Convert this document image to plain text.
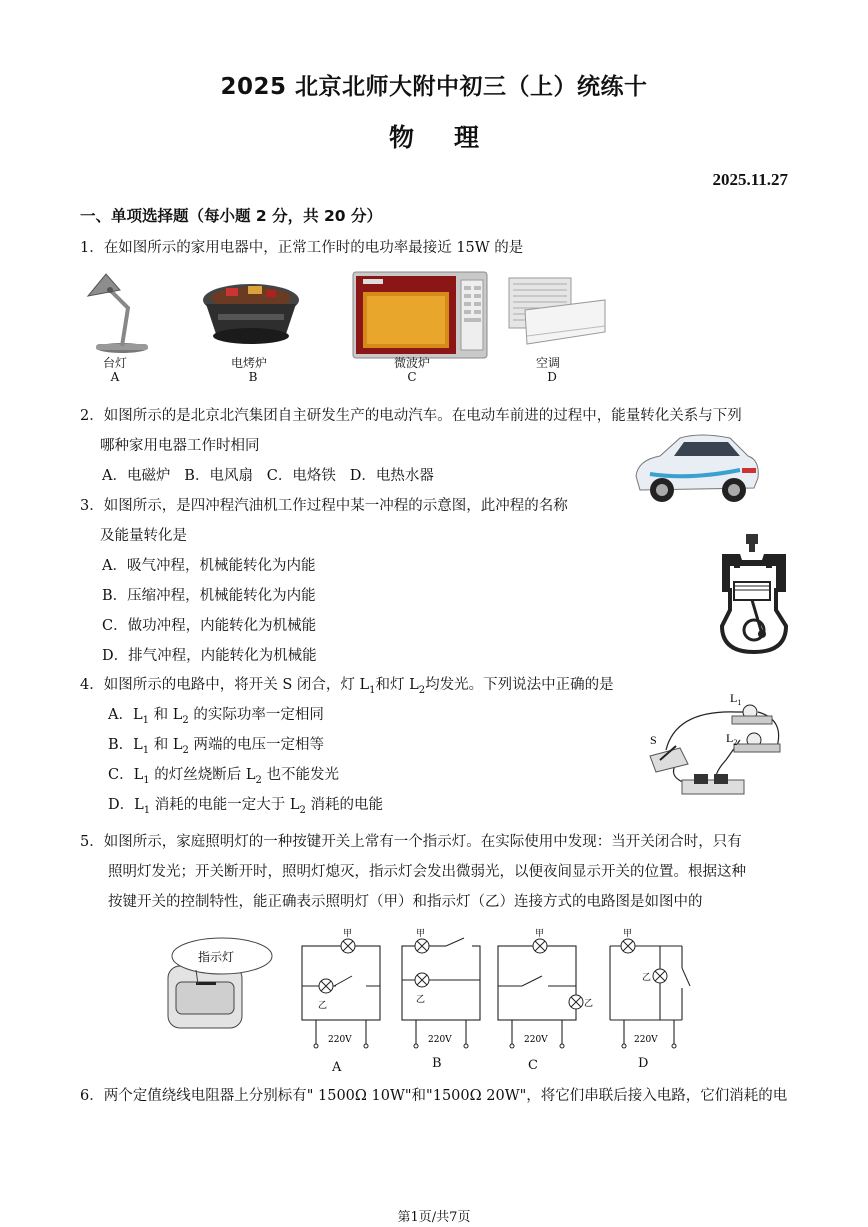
2025 北京北师大附中初三（上）统练十
物理
2025.11.27
一、单项选择题（每小题 2 分，共 20 分）
1．在如图所示的家用电器中，正常工作时的电功率最接近 15W 的是
台灯
A
电烤炉
B
微波炉
C
空调
D
2．如图所示的是北京北汽集团自主研发生产的电动汽车。在电动车前进的过程中，能量转化关系与下列
哪种家用电器工作时相同
A．电磁炉   B．电风扇   C．电烙铁   D．电热水器
3．如图所示，是四冲程汽油机工作过程中某一冲程的示意图，此冲程的名称
及能量转化是
A．吸气冲程，机械能转化为内能
B．压缩冲程，机械能转化为内能
C．做功冲程，内能转化为机械能
D．排气冲程，内能转化为机械能
4．如图所示的电路中，将开关 S 闭合，灯 $L_1$和灯 $L_2$均发光。下列说法中正确的是
A．$L_1$ 和 $L_2$ 的实际功率一定相同
B．$L_1$ 和 $L_2$ 两端的电压一定相等
C．$L_1$ 的灯丝烧断后 $L_2$ 也不能发光
D．$L_1$ 消耗的电能一定大于 $L_2$ 消耗的电能
S
$L_1$
$L_2$
5．如图所示，家庭照明灯的一种按键开关上常有一个指示灯。在实际使用中发现：当开关闭合时，只有
照明灯发光；开关断开时，照明灯熄灭，指示灯会发出微弱光，以便夜间显示开关的位置。根据这种
按键开关的控制特性，能正确表示照明灯（甲）和指示灯（乙）连接方式的电路图是如图中的
指示灯
甲
乙
220V
A
甲
乙
220V
B
甲
乙
220V
C
甲
乙
220V
D
6．两个定值绕线电阻器上分别标有" 1500Ω 10W"和"1500Ω 20W"，将它们串联后接入电路，它们消耗的电
第1页/共7页
